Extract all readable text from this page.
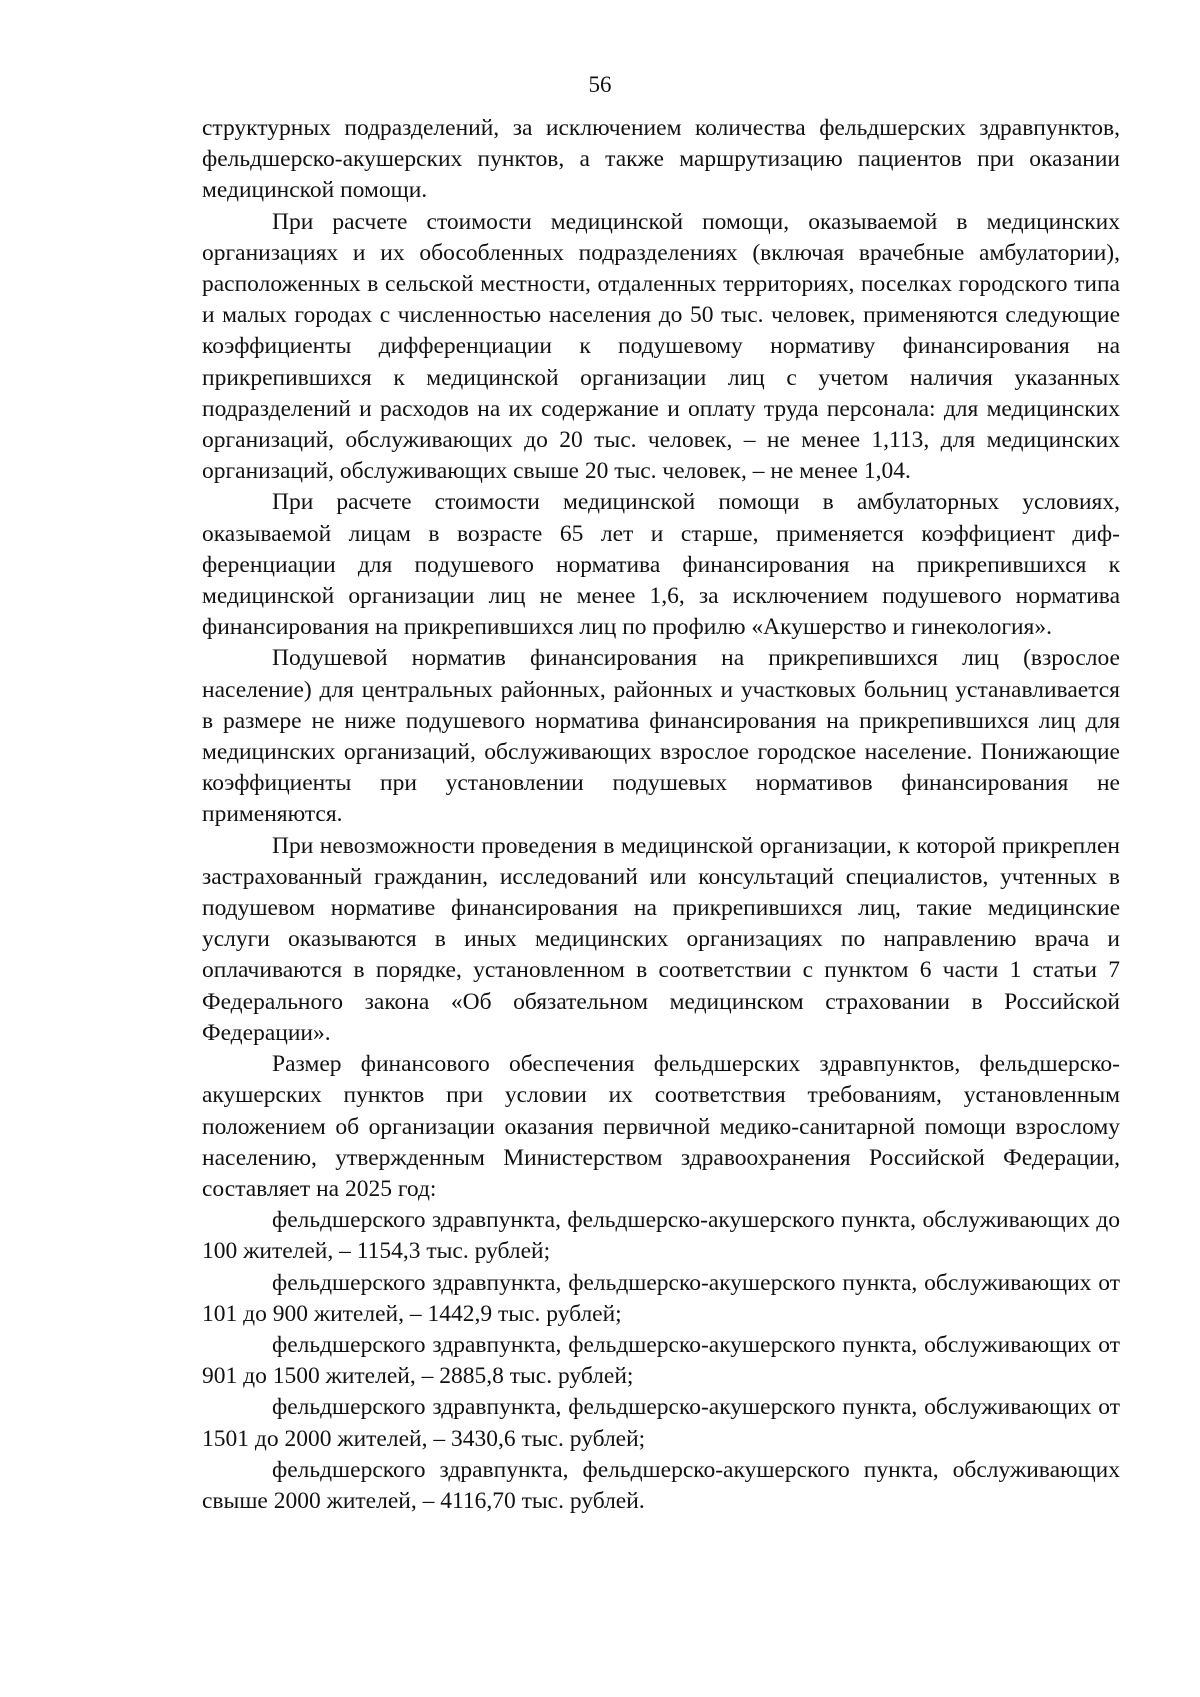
56

структурных подразделений, за исключением количества фельдшерских здравпунктов, фельдшерско-акушерских пунктов, а также маршрутизацию пациентов при оказании медицинской помощи.

При расчете стоимости медицинской помощи, оказываемой в медицинских организациях и их обособленных подразделениях (включая врачебные амбулатории), расположенных в сельской местности, отдаленных территориях, поселках городского типа и малых городах с численностью населения до 50 тыс. человек, применяются следующие коэффициенты дифференциации к подушевому нормативу финансирования на прикрепившихся к медицинской организации лиц с учетом наличия указанных подразделений и расходов на их содержание и оплату труда персонала: для медицинских организаций, обслуживающих до 20 тыс. человек, – не менее 1,113, для медицинских организаций, обслуживающих свыше 20 тыс. человек, – не менее 1,04.

При расчете стоимости медицинской помощи в амбулаторных условиях, оказываемой лицам в возрасте 65 лет и старше, применяется коэффициент дифференциации для подушевого норматива финансирования на прикрепившихся к медицинской организации лиц не менее 1,6, за исключением подушевого норматива финансирования на прикрепившихся лиц по профилю «Акушерство и гинекология».

Подушевой норматив финансирования на прикрепившихся лиц (взрослое население) для центральных районных, районных и участковых больниц устанавливается в размере не ниже подушевого норматива финансирования на прикрепившихся лиц для медицинских организаций, обслуживающих взрослое городское население. Понижающие коэффициенты при установлении подушевых нормативов финансирования не применяются.

При невозможности проведения в медицинской организации, к которой прикреплен застрахованный гражданин, исследований или консультаций специалистов, учтенных в подушевом нормативе финансирования на прикрепившихся лиц, такие медицинские услуги оказываются в иных медицинских организациях по направлению врача и оплачиваются в порядке, установленном в соответствии с пунктом 6 части 1 статьи 7 Федерального закона «Об обязательном медицинском страховании в Российской Федерации».

Размер финансового обеспечения фельдшерских здравпунктов, фельдшерско-акушерских пунктов при условии их соответствия требованиям, установленным положением об организации оказания первичной медико-санитарной помощи взрослому населению, утвержденным Министерством здравоохранения Российской Федерации, составляет на 2025 год:

фельдшерского здравпункта, фельдшерско-акушерского пункта, обслуживающих до 100 жителей, – 1154,3 тыс. рублей;

фельдшерского здравпункта, фельдшерско-акушерского пункта, обслуживающих от 101 до 900 жителей, – 1442,9 тыс. рублей;

фельдшерского здравпункта, фельдшерско-акушерского пункта, обслуживающих от 901 до 1500 жителей, – 2885,8 тыс. рублей;

фельдшерского здравпункта, фельдшерско-акушерского пункта, обслуживающих от 1501 до 2000 жителей, – 3430,6 тыс. рублей;

фельдшерского здравпункта, фельдшерско-акушерского пункта, обслуживающих свыше 2000 жителей, – 4116,70 тыс. рублей.
